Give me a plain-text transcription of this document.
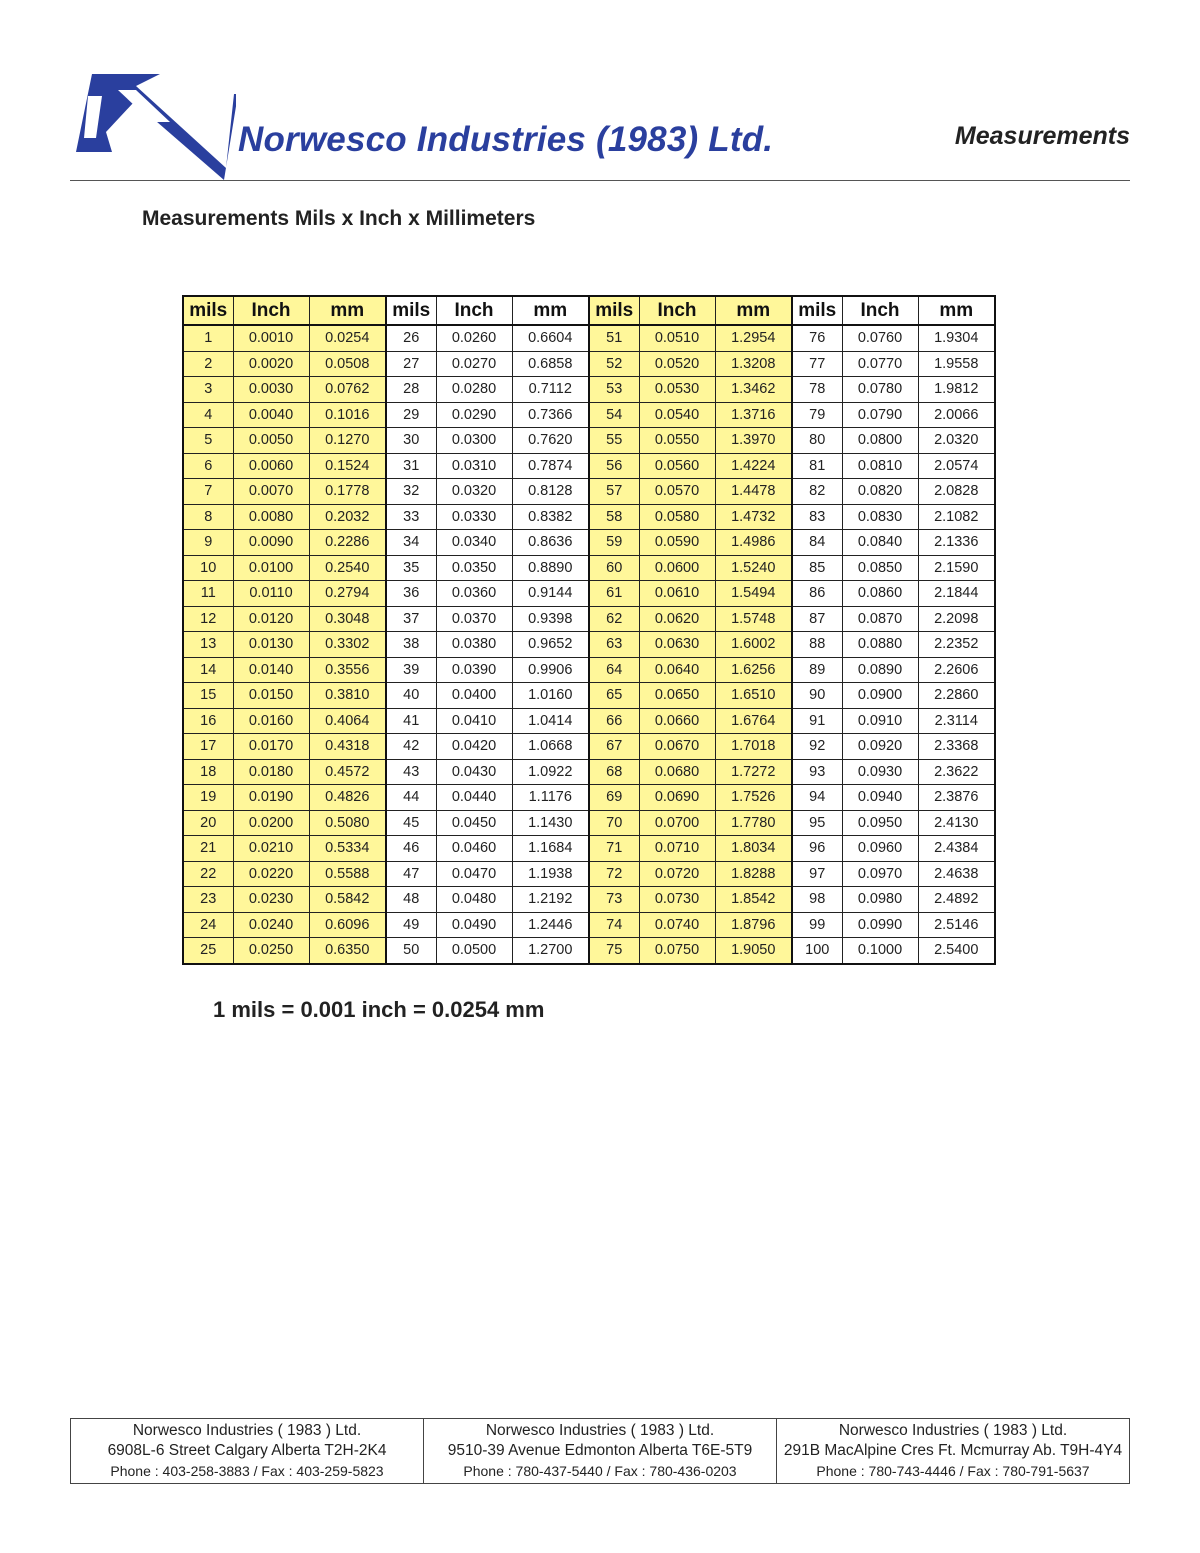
Norwesco Industries (1983) Ltd.	Measurements
Measurements Mils x Inch x Millimeters
mils	Inch	mm	mils	Inch	mm	mils	Inch	mm	mils	Inch	mm
1	0.0010	0.0254	26	0.0260	0.6604	51	0.0510	1.2954	76	0.0760	1.9304
2	0.0020	0.0508	27	0.0270	0.6858	52	0.0520	1.3208	77	0.0770	1.9558
3	0.0030	0.0762	28	0.0280	0.7112	53	0.0530	1.3462	78	0.0780	1.9812
4	0.0040	0.1016	29	0.0290	0.7366	54	0.0540	1.3716	79	0.0790	2.0066
5	0.0050	0.1270	30	0.0300	0.7620	55	0.0550	1.3970	80	0.0800	2.0320
6	0.0060	0.1524	31	0.0310	0.7874	56	0.0560	1.4224	81	0.0810	2.0574
7	0.0070	0.1778	32	0.0320	0.8128	57	0.0570	1.4478	82	0.0820	2.0828
8	0.0080	0.2032	33	0.0330	0.8382	58	0.0580	1.4732	83	0.0830	2.1082
9	0.0090	0.2286	34	0.0340	0.8636	59	0.0590	1.4986	84	0.0840	2.1336
10	0.0100	0.2540	35	0.0350	0.8890	60	0.0600	1.5240	85	0.0850	2.1590
11	0.0110	0.2794	36	0.0360	0.9144	61	0.0610	1.5494	86	0.0860	2.1844
12	0.0120	0.3048	37	0.0370	0.9398	62	0.0620	1.5748	87	0.0870	2.2098
13	0.0130	0.3302	38	0.0380	0.9652	63	0.0630	1.6002	88	0.0880	2.2352
14	0.0140	0.3556	39	0.0390	0.9906	64	0.0640	1.6256	89	0.0890	2.2606
15	0.0150	0.3810	40	0.0400	1.0160	65	0.0650	1.6510	90	0.0900	2.2860
16	0.0160	0.4064	41	0.0410	1.0414	66	0.0660	1.6764	91	0.0910	2.3114
17	0.0170	0.4318	42	0.0420	1.0668	67	0.0670	1.7018	92	0.0920	2.3368
18	0.0180	0.4572	43	0.0430	1.0922	68	0.0680	1.7272	93	0.0930	2.3622
19	0.0190	0.4826	44	0.0440	1.1176	69	0.0690	1.7526	94	0.0940	2.3876
20	0.0200	0.5080	45	0.0450	1.1430	70	0.0700	1.7780	95	0.0950	2.4130
21	0.0210	0.5334	46	0.0460	1.1684	71	0.0710	1.8034	96	0.0960	2.4384
22	0.0220	0.5588	47	0.0470	1.1938	72	0.0720	1.8288	97	0.0970	2.4638
23	0.0230	0.5842	48	0.0480	1.2192	73	0.0730	1.8542	98	0.0980	2.4892
24	0.0240	0.6096	49	0.0490	1.2446	74	0.0740	1.8796	99	0.0990	2.5146
25	0.0250	0.6350	50	0.0500	1.2700	75	0.0750	1.9050	100	0.1000	2.5400
1 mils = 0.001 inch = 0.0254 mm
Norwesco Industries ( 1983 ) Ltd.
6908L-6 Street Calgary Alberta T2H-2K4
Phone : 403-258-3883 / Fax : 403-259-5823

Norwesco Industries ( 1983 ) Ltd.
9510-39 Avenue Edmonton Alberta T6E-5T9
Phone : 780-437-5440 / Fax : 780-436-0203

Norwesco Industries ( 1983 ) Ltd.
291B MacAlpine Cres Ft. Mcmurray Ab. T9H-4Y4
Phone : 780-743-4446 / Fax : 780-791-5637
